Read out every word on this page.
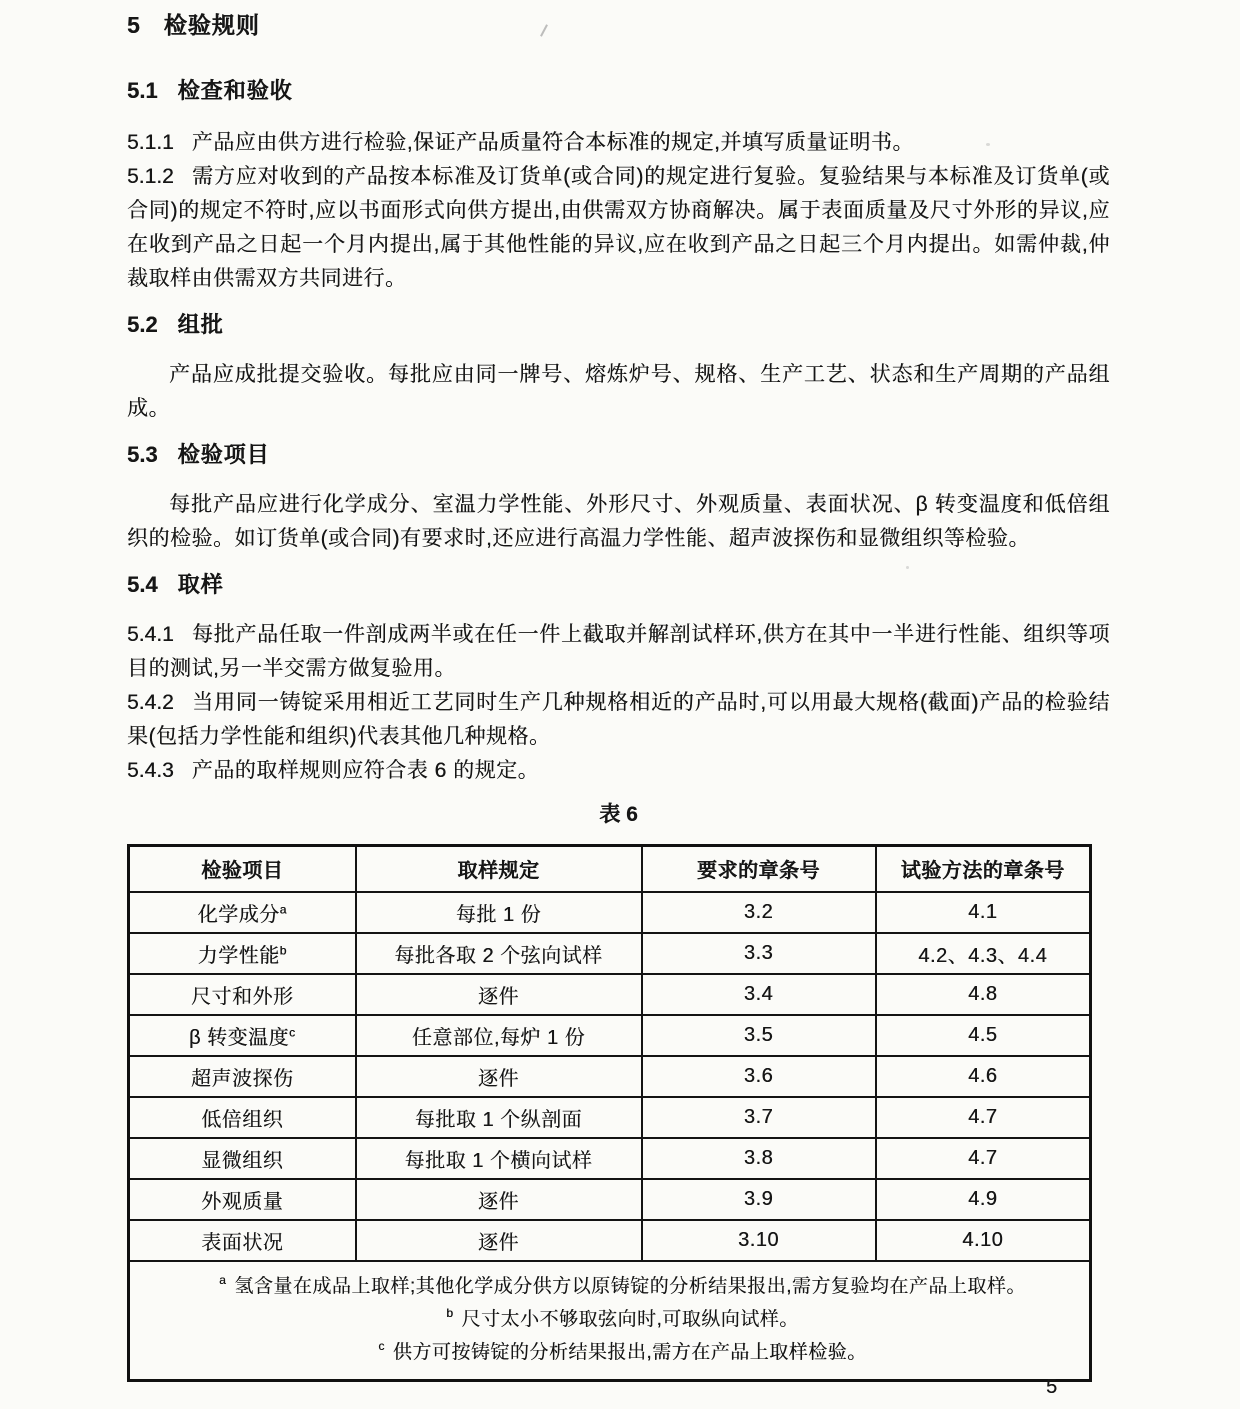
5 检验规则
5.1 检查和验收

5.1.1 产品应由供方进行检验,保证产品质量符合本标准的规定,并填写质量证明书。

5.1.2 需方应对收到的产品按本标准及订货单(或合同)的规定进行复验。复验结果与本标准及订货单(或合同)的规定不符时,应以书面形式向供方提出,由供需双方协商解决。属于表面质量及尺寸外形的异议,应在收到产品之日起一个月内提出,属于其他性能的异议,应在收到产品之日起三个月内提出。如需仲裁,仲裁取样由供需双方共同进行。

5.2 组批

产品应成批提交验收。每批应由同一牌号、熔炼炉号、规格、生产工艺、状态和生产周期的产品组成。

5.3 检验项目

每批产品应进行化学成分、室温力学性能、外形尺寸、外观质量、表面状况、β 转变温度和低倍组织的检验。如订货单(或合同)有要求时,还应进行高温力学性能、超声波探伤和显微组织等检验。

5.4 取样

5.4.1 每批产品任取一件剖成两半或在任一件上截取并解剖试样环,供方在其中一半进行性能、组织等项目的测试,另一半交需方做复验用。

5.4.2 当用同一铸锭采用相近工艺同时生产几种规格相近的产品时,可以用最大规格(截面)产品的检验结果(包括力学性能和组织)代表其他几种规格。

5.4.3 产品的取样规则应符合表 6 的规定。

表 6
检验项目	取样规定	要求的章条号	试验方法的章条号
化学成分$^a$	每批 1 份	3.2	4.1
力学性能$^b$	每批各取 2 个弦向试样	3.3	4.2、4.3、4.4
尺寸和外形	逐件	3.4	4.8
β 转变温度$^c$	任意部位,每炉 1 份	3.5	4.5
超声波探伤	逐件	3.6	4.6
低倍组织	每批取 1 个纵剖面	3.7	4.7
显微组织	每批取 1 个横向试样	3.8	4.7
外观质量	逐件	3.9	4.9
表面状况	逐件	3.10	4.10

$^a$ 氢含量在成品上取样;其他化学成分供方以原铸锭的分析结果报出,需方复验均在产品上取样。
$^b$ 尺寸太小不够取弦向时,可取纵向试样。
$^c$ 供方可按铸锭的分析结果报出,需方在产品上取样检验。			
5
